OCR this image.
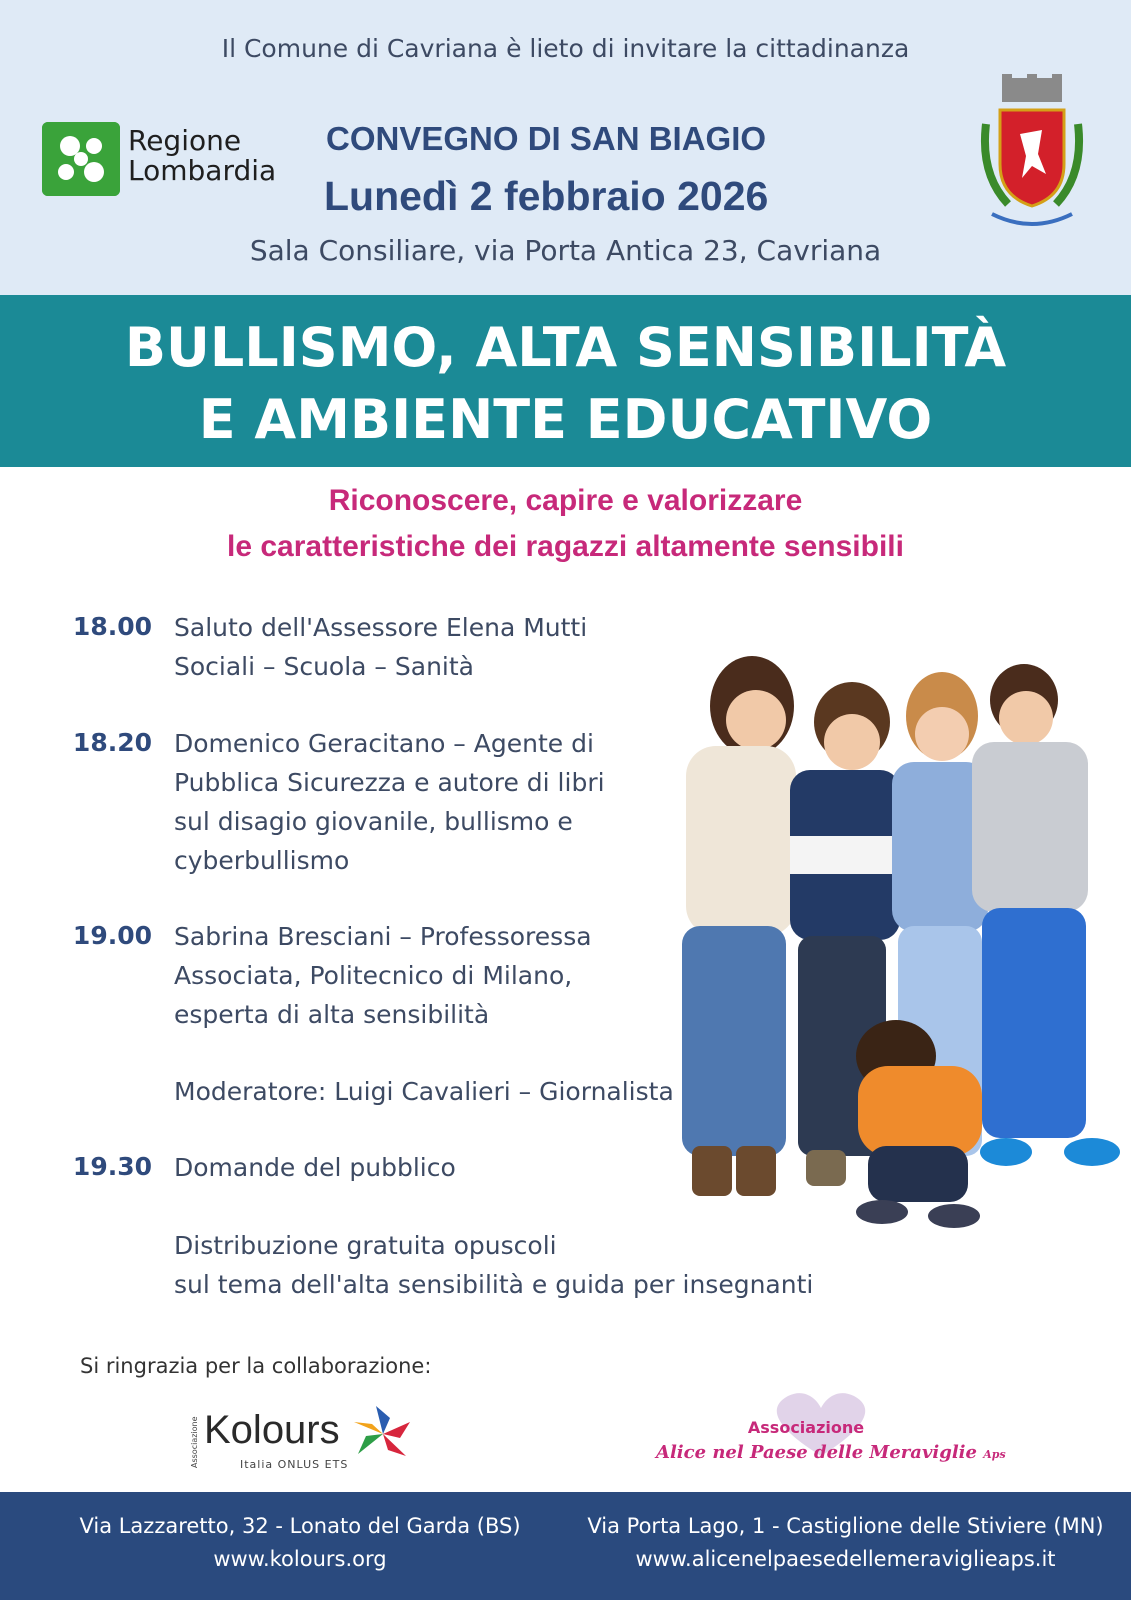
Il Comune di Cavriana è lieto di invitare la cittadinanza
Regione
Lombardia
CONVEGNO DI SAN BIAGIO
Lunedì 2 febbraio 2026
Sala Consiliare, via Porta Antica 23, Cavriana
BULLISMO, ALTA SENSIBILITÀ
E AMBIENTE EDUCATIVO
Riconoscere, capire e valorizzare
le caratteristiche dei ragazzi altamente sensibili
18.00 Saluto dell'Assessore Elena Mutti
Sociali – Scuola – Sanità
18.20 Domenico Geracitano – Agente di
Pubblica Sicurezza e autore di libri
sul disagio giovanile, bullismo e
cyberbullismo
19.00 Sabrina Bresciani – Professoressa
Associata, Politecnico di Milano,
esperta di alta sensibilità
Moderatore: Luigi Cavalieri – Giornalista
19.30 Domande del pubblico
Distribuzione gratuita opuscoli
sul tema dell'alta sensibilità e guida per insegnanti
Si ringrazia per la collaborazione:
Associazione Kolours
Italia ONLUS ETS
Associazione
Alice nel Paese delle Meraviglie Aps
Via Lazzaretto, 32 - Lonato del Garda (BS)
www.kolours.org
Via Porta Lago, 1 - Castiglione delle Stiviere (MN)
www.alicenelpaesedellemeraviglieaps.it
